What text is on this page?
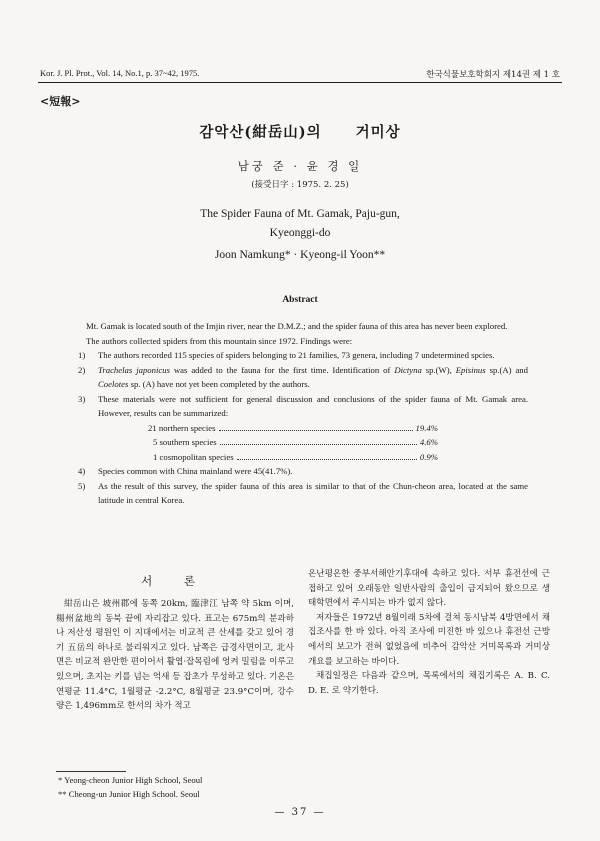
Kor. J. Pl. Prot., Vol. 14, No.1, p. 37~42, 1975.	한국식물보호학회지 제14권 제 1 호
<短報>
감악산(紺岳山)의 거미상
남궁 준 · 윤 경 일
(接受日字 : 1975. 2. 25)
The Spider Fauna of Mt. Gamak, Paju-gun,
Kyeonggi-do
Joon Namkung* · Kyeong-il Yoon**
Abstract

Mt. Gamak is located south of the Imjin river, near the D.M.Z.; and the spider fauna of this area has never been explored.

The authors collected spiders from this mountain since 1972. Findings were:

1)	The authors recorded 115 species of spiders belonging to 21 families, 73 genera, including 7 undetermined spcies.
2)	Trachelas japonicus was added to the fauna for the first time. Identification of Dictyna sp.(W), Episinus sp.(A) and Coelotes sp. (A) have not yet been completed by the authors.
3)	These materials were not sufficient for general discussion and conclusions of the spider fauna of Mt. Gamak area. However, results can be summarized:
21 northern species	19.4%
5 southern species	4.6%
1 cosmopolitan species	0.9%
4)	Species common with China mainland were 45(41.7%).
5)	As the result of this survey, the spider fauna of this area is similar to that of the Chun-cheon area, located at the same latitude in central Korea.
서 론

紺岳山은 坡州郡에 동쪽 20km, 臨津江 남쪽 약 5km 이며, 楊州盆地의 동북 끝에 자리잡고 있다. 표고는 675m의 분과하나 저산성 평원인 이 지대에서는 비교적 큰 산세를 갖고 있어 경기 五岳의 하나로 불리워지고 있다. 남쪽은 급경사면이고, 北사면은 비교적 완만한 편이어서 활엽·잡목림에 엉켜 밀림을 이루고 있으며, 초지는 키를 넘는 억새 등 잡초가 무성하고 있다. 기온은 연평균 11.4°C, 1월평균 -2.2°C, 8월평균 23.9°C이며, 강수량은 1,496mm로 한서의 차가 적고

온난평온한 중부서해안기후대에 속하고 있다. 서부 휴전선에 근접하고 있어 오래동안 일반사람의 출입이 금지되어 왔으므로 생태학면에서 주시되는 바가 없지 않다.

저자들은 1972년 8월이래 5차에 걸쳐 동시남북 4방면에서 채집조사를 한 바 있다. 아직 조사에 미진한 바 있으나 휴전선 근방에서의 보고가 전혀 없었음에 비추어 감악산 거미목록과 거미상 개요를 보고하는 바이다.

채집일정은 다음과 같으며, 목록에서의 채집기록은 A. B. C. D. E. 로 약기한다.

* Yeong-cheon Junior High School, Seoul
** Cheong-un Junior High School. Seoul
— 37 —
